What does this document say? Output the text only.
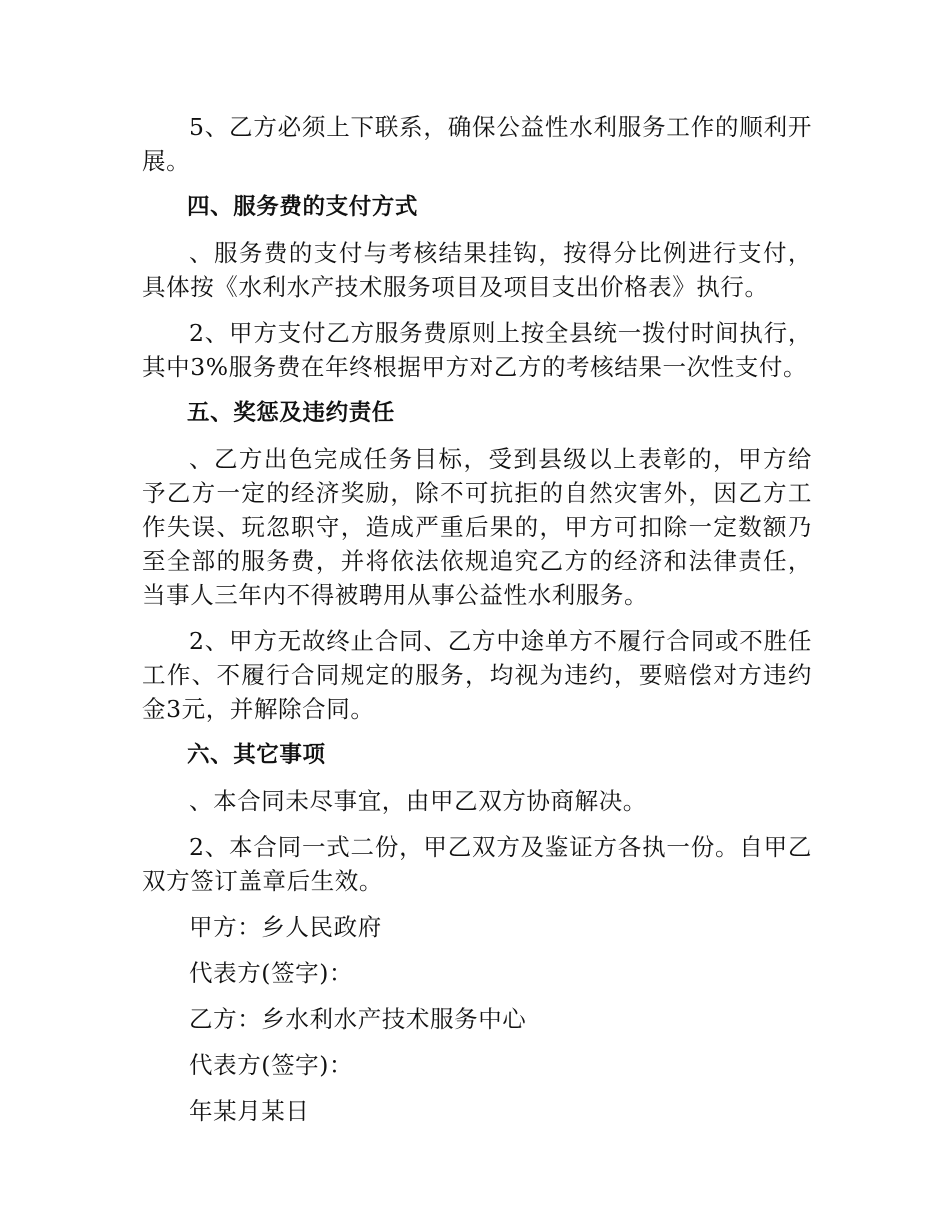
5、乙方必须上下联系，确保公益性水利服务工作的顺利开展。

四、服务费的支付方式

、服务费的支付与考核结果挂钩，按得分比例进行支付，具体按《水利水产技术服务项目及项目支出价格表》执行。

2、甲方支付乙方服务费原则上按全县统一拨付时间执行，其中3%服务费在年终根据甲方对乙方的考核结果一次性支付。

五、奖惩及违约责任

、乙方出色完成任务目标，受到县级以上表彰的，甲方给予乙方一定的经济奖励，除不可抗拒的自然灾害外，因乙方工作失误、玩忽职守，造成严重后果的，甲方可扣除一定数额乃至全部的服务费，并将依法依规追究乙方的经济和法律责任，当事人三年内不得被聘用从事公益性水利服务。

2、甲方无故终止合同、乙方中途单方不履行合同或不胜任工作、不履行合同规定的服务，均视为违约，要赔偿对方违约金3元，并解除合同。

六、其它事项

、本合同未尽事宜，由甲乙双方协商解决。

2、本合同一式二份，甲乙双方及鉴证方各执一份。自甲乙双方签订盖章后生效。

甲方：乡人民政府

代表方(签字)：

乙方：乡水利水产技术服务中心

代表方(签字)：

年某月某日
